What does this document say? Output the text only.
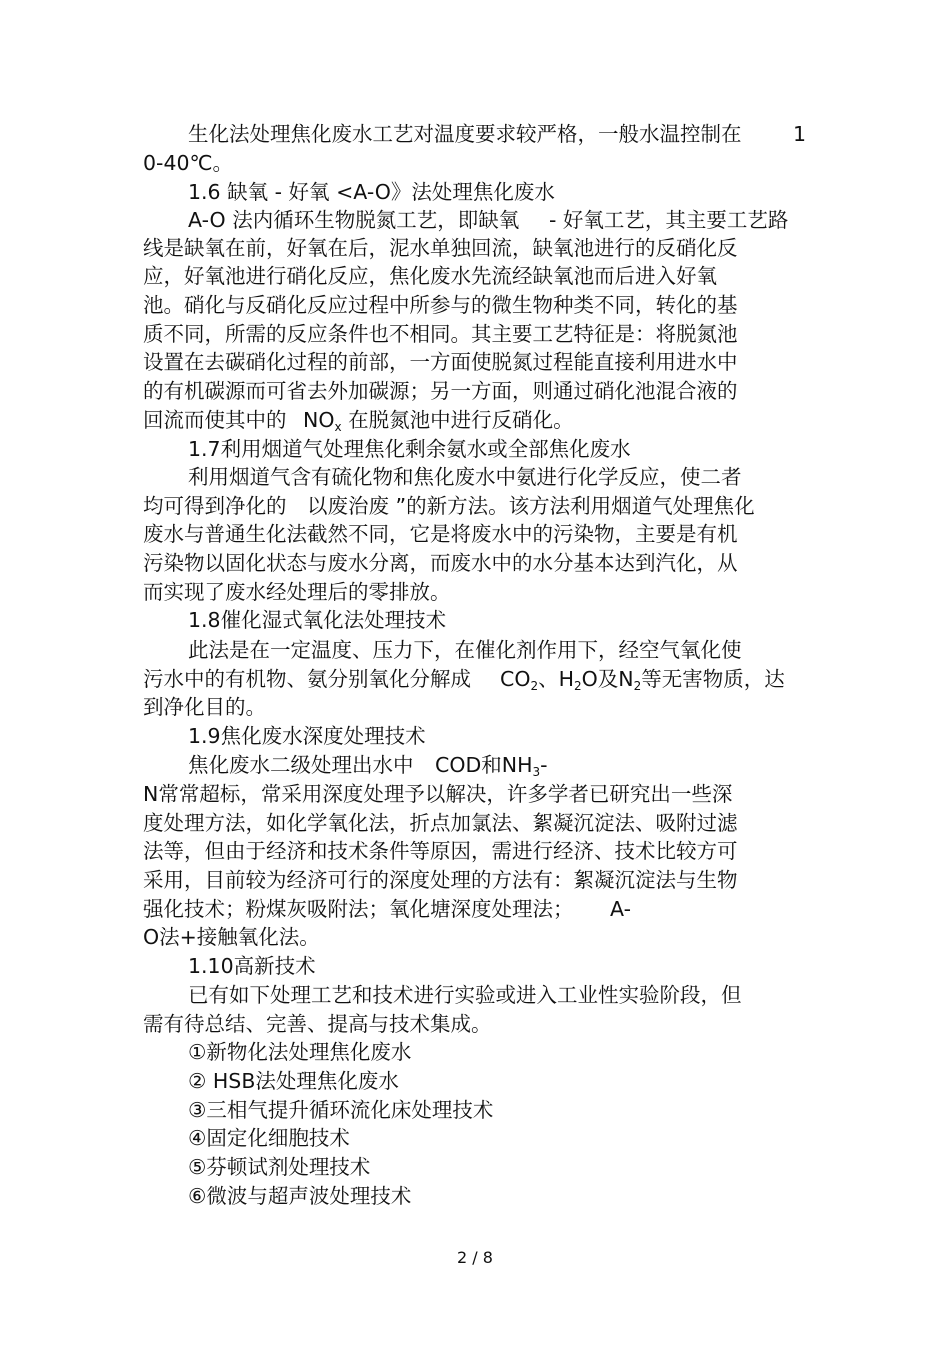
生化法处理焦化废水工艺对温度要求较严格，一般水温控制在	1
0-40℃。
1.6 缺氧 - 好氧 <A-O》法处理焦化废水
A-O 法内循环生物脱氮工艺，即缺氧 - 好氧工艺，其主要工艺路
线是缺氧在前，好氧在后，泥水单独回流，缺氧池进行的反硝化反
应，好氧池进行硝化反应，焦化废水先流经缺氧池而后进入好氧
池。硝化与反硝化反应过程中所参与的微生物种类不同，转化的基
质不同，所需的反应条件也不相同。其主要工艺特征是：将脱氮池
设置在去碳硝化过程的前部，一方面使脱氮过程能直接利用进水中
的有机碳源而可省去外加碳源；另一方面，则通过硝化池混合液的
回流而使其中的 $NO_x$ 在脱氮池中进行反硝化。
1.7利用烟道气处理焦化剩余氨水或全部焦化废水
利用烟道气含有硫化物和焦化废水中氨进行化学反应，使二者
均可得到净化的 以废治废 ”的新方法。该方法利用烟道气处理焦化
废水与普通生化法截然不同，它是将废水中的污染物，主要是有机
污染物以固化状态与废水分离，而废水中的水分基本达到汽化，从
而实现了废水经处理后的零排放。
1.8催化湿式氧化法处理技术
此法是在一定温度、压力下，在催化剂作用下，经空气氧化使
污水中的有机物、氨分别氧化分解成 $CO_2$、$H_2O$及$N_2$等无害物质，达
到净化目的。
1.9焦化废水深度处理技术
焦化废水二级处理出水中 COD和$NH_3-$
N常常超标，常采用深度处理予以解决，许多学者已研究出一些深
度处理方法，如化学氧化法，折点加氯法、絮凝沉淀法、吸附过滤
法等，但由于经济和技术条件等原因，需进行经济、技术比较方可
采用，目前较为经济可行的深度处理的方法有：絮凝沉淀法与生物
强化技术；粉煤灰吸附法；氧化塘深度处理法； A-
O法+接触氧化法。
1.10高新技术
已有如下处理工艺和技术进行实验或进入工业性实验阶段，但
需有待总结、完善、提高与技术集成。
①新物化法处理焦化废水
② HSB法处理焦化废水
③三相气提升循环流化床处理技术
④固定化细胞技术
⑤芬顿试剂处理技术
⑥微波与超声波处理技术
2 / 8
